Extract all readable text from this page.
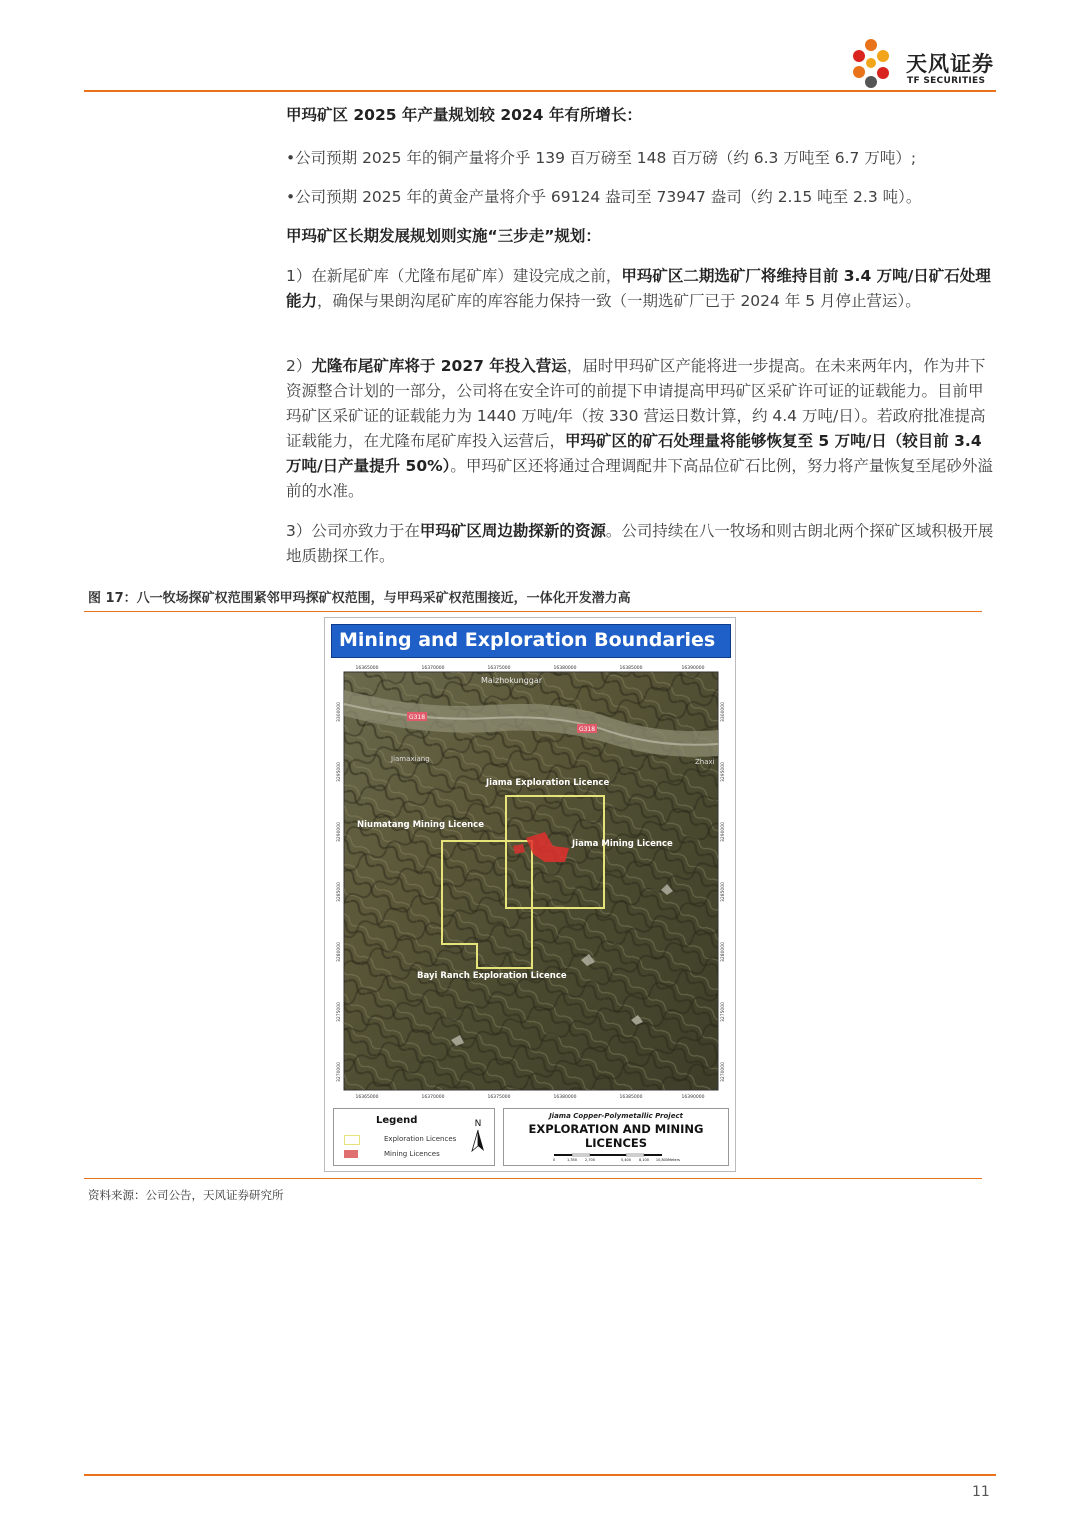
天风证券
TF SECURITIES

甲玛矿区 2025 年产量规划较 2024 年有所增长：

•公司预期 2025 年的铜产量将介乎 139 百万磅至 148 百万磅（约 6.3 万吨至 6.7 万吨）;

•公司预期 2025 年的黄金产量将介乎 69124 盎司至 73947 盎司（约 2.15 吨至 2.3 吨）。

甲玛矿区长期发展规划则实施“三步走”规划：

1）在新尾矿库（尤隆布尾矿库）建设完成之前，甲玛矿区二期选矿厂将维持目前 3.4 万吨/日矿石处理能力，确保与果朗沟尾矿库的库容能力保持一致（一期选矿厂已于 2024 年 5 月停止营运）。

2）尤隆布尾矿库将于 2027 年投入营运，届时甲玛矿区产能将进一步提高。在未来两年内，作为井下资源整合计划的一部分，公司将在安全许可的前提下申请提高甲玛矿区采矿许可证的证载能力。目前甲玛矿区采矿证的证载能力为 1440 万吨/年（按 330 营运日数计算，约 4.4 万吨/日）。若政府批准提高证载能力，在尤隆布尾矿库投入运营后，甲玛矿区的矿石处理量将能够恢复至 5 万吨/日（较目前 3.4 万吨/日产量提升 50%）。甲玛矿区还将通过合理调配井下高品位矿石比例，努力将产量恢复至尾砂外溢前的水准。

3）公司亦致力于在甲玛矿区周边勘探新的资源。公司持续在八一牧场和则古朗北两个探矿区域积极开展地质勘探工作。

图 17：八一牧场探矿权范围紧邻甲玛探矿权范围，与甲玛采矿权范围接近，一体化开发潜力高
Mining and Exploration Boundaries
G318
G318
Maizhokunggar
Jiamaxiang	Zhaxi
Jiama Exploration Licence
Niumatang Mining Licence
Jiama Mining Licence
Bayi Ranch Exploration Licence
16365000	16370000	16375000	16380000	16385000	16390000
16365000	16370000	16375000	16380000	16385000	16390000
3300000
3295000
3290000
3285000
3280000
3275000
3270000
3300000
3295000
3290000
3285000
3280000
3275000
3270000
Legend
Exploration Licences
Mining Licences
N
Jiama Copper-Polymetallic Project
EXPLORATION AND MINING
LICENCES
0	1,350 2,700	5,400 8,100 10,800 Meters
资料来源：公司公告，天风证券研究所
11
